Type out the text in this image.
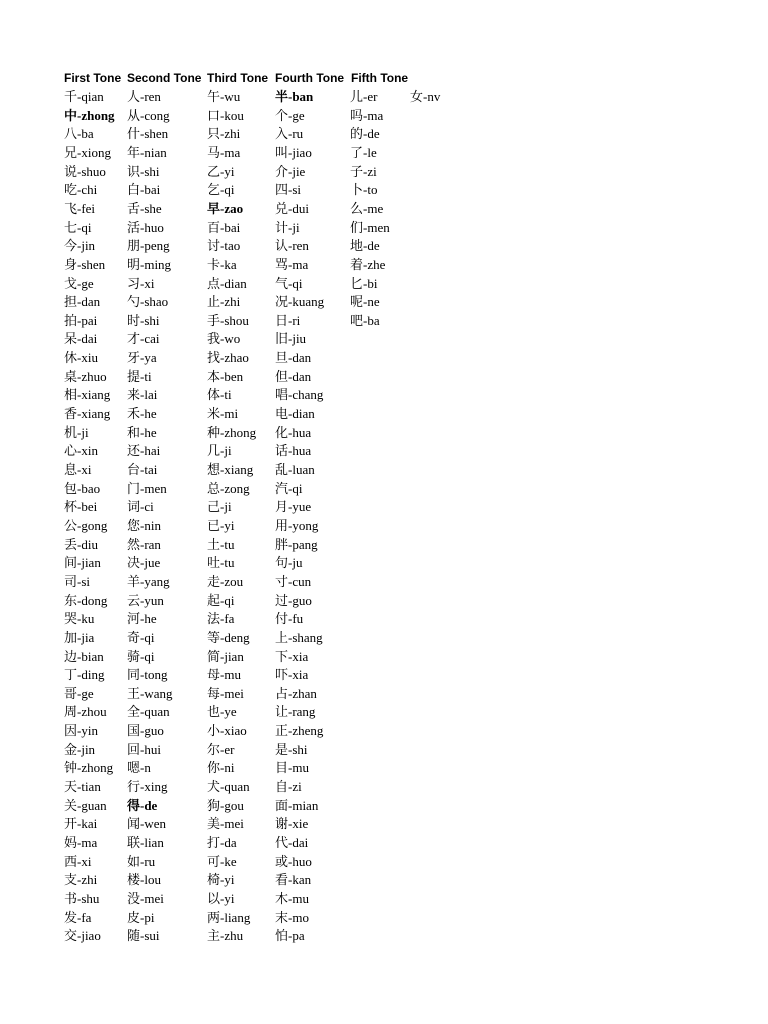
First Tone Second Tone Third Tone Fourth Tone Fifth Tone
千-qian
中-zhong
八-ba
兄-xiong
说-shuo
吃-chi
飞-fei
七-qi
今-jin
身-shen
戈-ge
担-dan
拍-pai
呆-dai
休-xiu
桌-zhuo
相-xiang
香-xiang
机-ji
心-xin
息-xi
包-bao
杯-bei
公-gong
丢-diu
间-jian
司-si
东-dong
哭-ku
加-jia
边-bian
丁-ding
哥-ge
周-zhou
因-yin
金-jin
钟-zhong
天-tian
关-guan
开-kai
妈-ma
西-xi
支-zhi
书-shu
发-fa
交-jiao
人-ren
从-cong
什-shen
年-nian
识-shi
白-bai
舌-she
活-huo
朋-peng
明-ming
习-xi
勺-shao
时-shi
才-cai
牙-ya
提-ti
来-lai
禾-he
和-he
还-hai
台-tai
门-men
词-ci
您-nin
然-ran
决-jue
羊-yang
云-yun
河-he
奇-qi
骑-qi
同-tong
王-wang
全-quan
国-guo
回-hui
嗯-n
行-xing
得-de
闻-wen
联-lian
如-ru
楼-lou
没-mei
皮-pi
随-sui
午-wu
口-kou
只-zhi
马-ma
乙-yi
乞-qi
早-zao
百-bai
讨-tao
卡-ka
点-dian
止-zhi
手-shou
我-wo
找-zhao
本-ben
体-ti
米-mi
种-zhong
几-ji
想-xiang
总-zong
己-ji
已-yi
土-tu
吐-tu
走-zou
起-qi
法-fa
等-deng
简-jian
母-mu
每-mei
也-ye
小-xiao
尔-er
你-ni
犬-quan
狗-gou
美-mei
打-da
可-ke
椅-yi
以-yi
两-liang
主-zhu
半-ban
个-ge
入-ru
叫-jiao
介-jie
四-si
兑-dui
计-ji
认-ren
骂-ma
气-qi
况-kuang
日-ri
旧-jiu
旦-dan
但-dan
唱-chang
电-dian
化-hua
话-hua
乱-luan
汽-qi
月-yue
用-yong
胖-pang
句-ju
寸-cun
过-guo
付-fu
上-shang
下-xia
吓-xia
占-zhan
让-rang
正-zheng
是-shi
目-mu
自-zi
面-mian
谢-xie
代-dai
或-huo
看-kan
木-mu
末-mo
怕-pa
儿-er
吗-ma
的-de
了-le
子-zi
卜-to
么-me
们-men
地-de
着-zhe
匕-bi
呢-ne
吧-ba
女-nv
